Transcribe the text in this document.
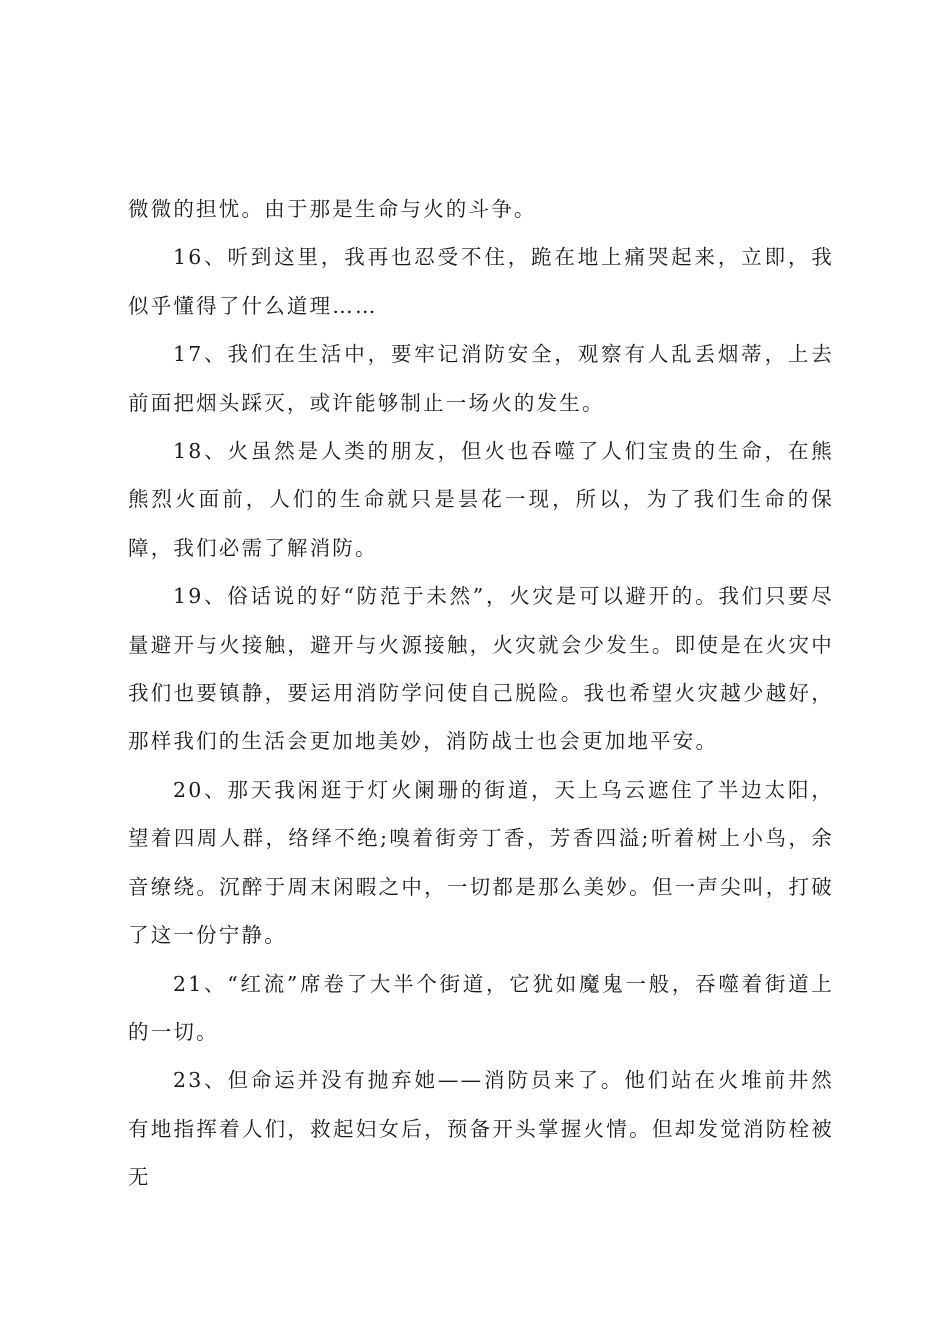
微微的担忧。由于那是生命与火的斗争。

16、听到这里，我再也忍受不住，跪在地上痛哭起来，立即，我似乎懂得了什么道理……

17、我们在生活中，要牢记消防安全，观察有人乱丢烟蒂，上去前面把烟头踩灭，或许能够制止一场火的发生。

18、火虽然是人类的朋友，但火也吞噬了人们宝贵的生命，在熊熊烈火面前，人们的生命就只是昙花一现，所以，为了我们生命的保障，我们必需了解消防。

19、俗话说的好“防范于未然”，火灾是可以避开的。我们只要尽量避开与火接触，避开与火源接触，火灾就会少发生。即使是在火灾中我们也要镇静，要运用消防学问使自己脱险。我也希望火灾越少越好，那样我们的生活会更加地美妙，消防战士也会更加地平安。

20、那天我闲逛于灯火阑珊的街道，天上乌云遮住了半边太阳，望着四周人群，络绎不绝;嗅着街旁丁香，芳香四溢;听着树上小鸟，余音缭绕。沉醉于周末闲暇之中，一切都是那么美妙。但一声尖叫，打破了这一份宁静。

21、“红流”席卷了大半个街道，它犹如魔鬼一般，吞噬着街道上的一切。

23、但命运并没有抛弃她——消防员来了。他们站在火堆前井然有地指挥着人们，救起妇女后，预备开头掌握火情。但却发觉消防栓被无
